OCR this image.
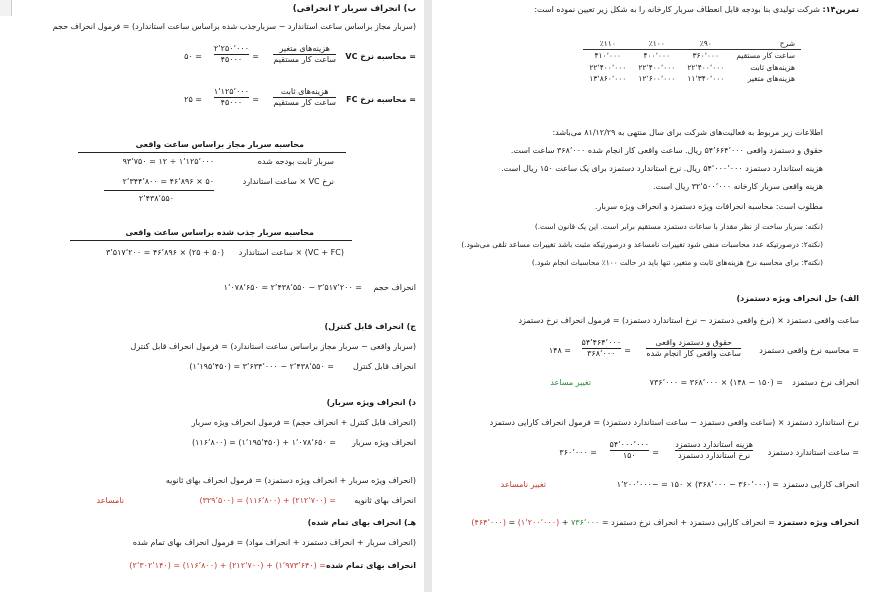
ب) انحراف سربار ۲ انحرافی)
(سربار مجاز براساس ساعت استاندارد − سربارجذب شده براساس ساعت استاندارد) = فرمول انحراف حجم
= محاسبه نرخ VC
هزینه‌های متغیر
ساعت کار مستقیم
=
۲٬۲۵۰٬۰۰۰
۴۵۰۰۰
= ۵۰
= محاسبه نرخ FC
هزینه‌های ثابت
ساعت کار مستقیم
=
۱٬۱۲۵٬۰۰۰
۴۵۰۰۰
= ۲۵
محاسبه سربار مجاز براساس ساعت واقعی
سربار ثابت بودجه شده
۱٬۱۲۵٬۰۰۰ ÷ ۱۲ = ۹۳٬۷۵۰
نرخ VC × ساعت استاندارد
۵۰ × ۴۶٬۸۹۶ = ۲٬۳۴۴٬۸۰۰
۲٬۴۳۸٬۵۵۰
محاسبه سربار جذب شده براساس ساعت واقعی
(VC + FC) × ساعت استاندارد
(۵۰ + ۲۵) × ۴۶٬۸۹۶ = ۳٬۵۱۷٬۲۰۰
انحراف حجم
= ۳٬۵۱۷٬۲۰۰ − ۲٬۴۳۸٬۵۵۰ = ۱٬۰۷۸٬۶۵۰
ج) انحراف قابل کنترل)
(سربار واقعی − سربار مجاز براساس ساعت استاندارد) = فرمول انحراف قابل کنترل
انحراف قابل کنترل
= ۲٬۴۳۸٬۵۵۰ − ۳٬۶۳۴٬۰۰۰ = (۱٬۱۹۵٬۴۵۰)
د) انحراف ویژه سربار)
(انحراف قابل کنترل + انحراف حجم) = فرمول انحراف ویژه سربار
انحراف ویژه سربار
= ۱٬۰۷۸٬۶۵۰ + (۱٬۱۹۵٬۴۵۰) = (۱۱۶٬۸۰۰)
(انحراف ویژه سربار + انحراف ویژه دستمزد) = فرمول انحراف بهای ثانویه
انحراف بهای ثانویه
= (۲۱۲٬۷۰۰) + (۱۱۶٬۸۰۰) = (۳۲۹٬۵۰۰)
نامساعد
هـ) انحراف بهای تمام شده)
(انحراف سربار + انحراف دستمزد + انحراف مواد) = فرمول انحراف بهای تمام شده
انحراف بهای تمام شده
= (۱٬۹۷۳٬۶۴۰) + (۲۱۲٬۷۰۰) + (۱۱۶٬۸۰۰) = (۲٬۳۰۲٬۱۴۰)
تمرین۱۴: شرکت تولیدی بنا بودجه قابل انعطاف سربار کارخانه را به شکل زیر تعیین نموده است:
شرح	٪۹۰	٪۱۰۰	٪۱۱۰
ساعت کار مستقیم	۳۶۰٬۰۰۰	۴۰۰٬۰۰۰	۴۱۰٬۰۰۰
هزینه‌های ثابت	۲۲٬۴۰۰٬۰۰۰	۲۲٬۴۰۰٬۰۰۰	۲۲٬۴۰۰٬۰۰۰
هزینه‌های متغیر	۱۱٬۳۴۰٬۰۰۰	۱۲٬۶۰۰٬۰۰۰	۱۳٬۸۶۰٬۰۰۰
اطلاعات زیر مربوط به فعالیت‌های شرکت برای سال منتهی به ۸۱/۱۲/۲۹ می‌باشد:
حقوق و دستمزد واقعی ۵۴٬۶۶۴٬۰۰۰ ریال. ساعت واقعی کار انجام شده ۳۶۸٬۰۰۰ ساعت است.
هزینه استاندارد دستمزد ۵۴٬۰۰۰٬۰۰۰ ریال. نرخ استاندارد دستمزد برای یک ساعت ۱۵۰ ریال است.
هزینه واقعی سربار کارخانه ۳۲٬۵۰۰٬۰۰۰ ریال است.
مطلوب است: محاسبه انحرافات ویژه دستمزد و انحراف ویژه سربار.
(نکته: سربار ساخت از نظر مقدار با ساعات دستمزد مستقیم برابر است. این یک قانون است.)
(نکته۲: درصورتیکه عدد محاسبات منفی شود تغییرات نامساعد و درصورتیکه مثبت باشد تغییرات مساعد تلقی می‌شود.)
(نکته۳: برای محاسبه نرخ هزینه‌های ثابت و متغیر، تنها باید در حالت ۱۰۰٪ محاسبات انجام شود.)
الف) حل انحراف ویژه دستمزد)
ساعت واقعی دستمزد × (نرخ واقعی دستمزد − نرخ استاندارد دستمزد) = فرمول انحراف نرخ دستمزد
= محاسبه نرخ واقعی دستمزد
حقوق و دستمزد واقعی
ساعت واقعی کار انجام شده
=
۵۴٬۴۶۴٬۰۰۰
۳۶۸٬۰۰۰
= ۱۴۸
انحراف نرخ دستمزد
= (۱۵۰ − ۱۴۸) × ۳۶۸٬۰۰۰ = ۷۳۶٬۰۰۰
تغییر مساعد
نرخ استاندارد دستمزد × (ساعت واقعی دستمزد − ساعت استاندارد دستمزد) = فرمول انحراف کارایی دستمزد
= ساعت استاندارد دستمزد
هزینه استاندارد دستمزد
نرخ استاندارد دستمزد
=
۵۴٬۰۰۰٬۰۰۰
۱۵۰
= ۳۶۰٬۰۰۰
انحراف کارایی دستمزد
= (۳۶۰٬۰۰۰ − ۳۶۸٬۰۰۰) × ۱۵۰ = −۱٬۲۰۰٬۰۰۰
تغییر نامساعد
انحراف ویژه دستمزد = انحراف کارایی دستمزد + انحراف نرخ دستمزد = ۷۳۶٬۰۰۰ + (۱٬۲۰۰٬۰۰۰) = (۴۶۴٬۰۰۰)
